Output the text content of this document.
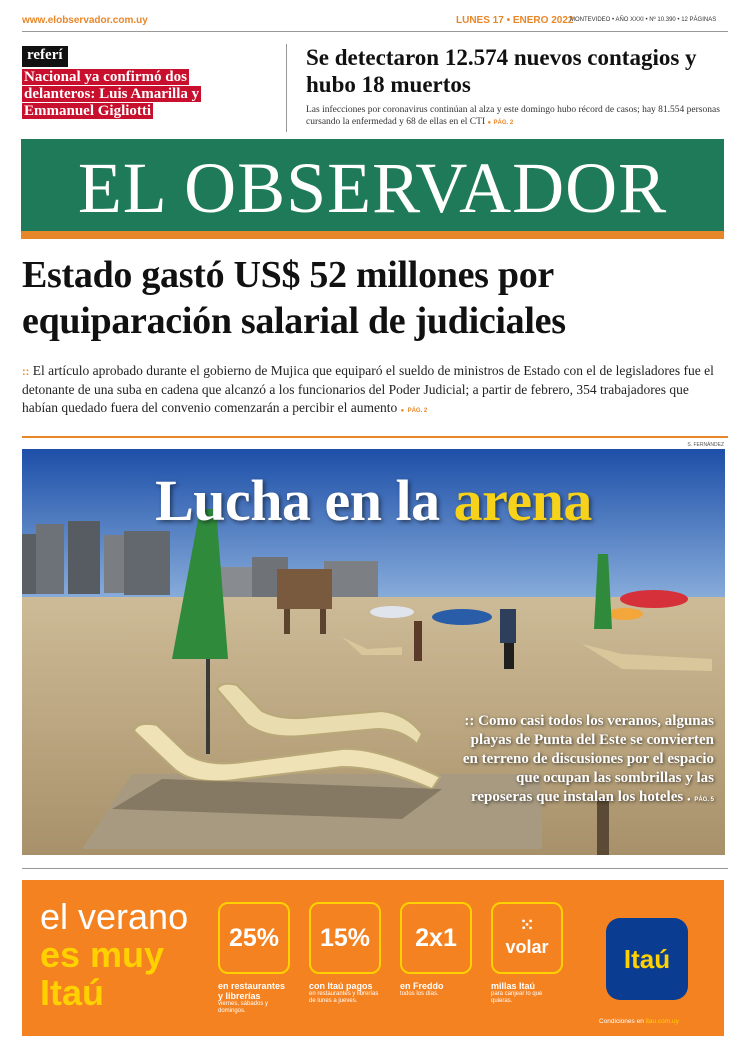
www.elobservador.com.uy	LUNES 17 • ENERO 2022
MONTEVIDEO • AÑO XXXI • Nº 10.390 • 12 PÁGINAS
referí
Nacional ya confirmó dos delanteros: Luis Amarilla y Emmanuel Gigliotti
Se detectaron 12.574 nuevos contagios y hubo 18 muertos

Las infecciones por coronavirus continúan al alza y este domingo hubo récord de casos; hay 81.554 personas cursando la enfermedad y 68 de ellas en el CTI ● PÁG. 2

EL OBSERVADOR
Estado gastó US$ 52 millones por equiparación salarial de judiciales

:: El artículo aprobado durante el gobierno de Mujica que equiparó el sueldo de ministros de Estado con el de legisladores fue el detonante de una suba en cadena que alcanzó a los funcionarios del Poder Judicial; a partir de febrero, 354 trabajadores que habían quedado fuera del convenio comenzarán a percibir el aumento ● PÁG. 2

S. FERNÁNDEZ
Lucha en la arena
:: Como casi todos los veranos, algunas playas de Punta del Este se convierten en terreno de discusiones por el espacio que ocupan las sombrillas y las reposeras que instalan los hoteles ● PÁG. 5
el verano
es muy
Itaú
25%
en restaurantes y librerías
viernes, sábados y domingos.
15%
con Itaú pagos
en restaurantes y librerías de lunes a jueves.
2x1
en Freddo
todos los días.
⁙
volar
millas Itaú
para canjear lo que quieras.
Itaú
Condiciones en itau.com.uy
